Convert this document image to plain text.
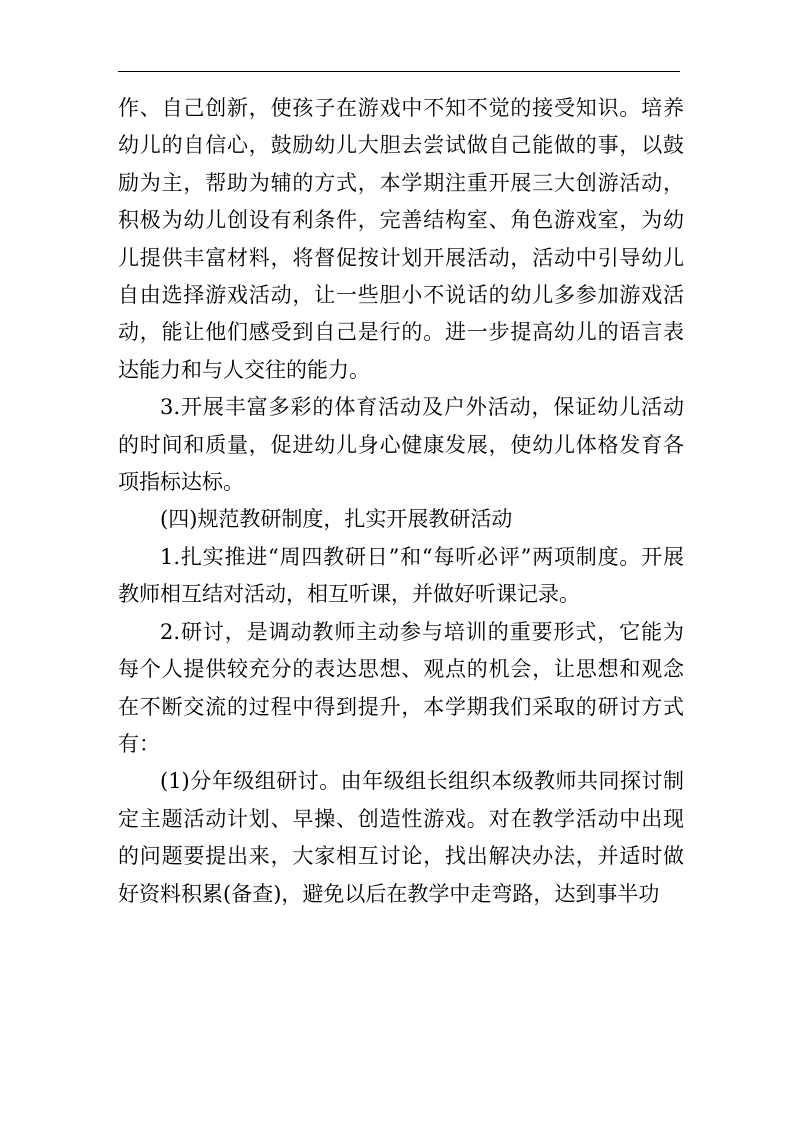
作、自己创新，使孩子在游戏中不知不觉的接受知识。培养幼儿的自信心，鼓励幼儿大胆去尝试做自己能做的事，以鼓励为主，帮助为辅的方式，本学期注重开展三大创游活动，积极为幼儿创设有利条件，完善结构室、角色游戏室，为幼儿提供丰富材料，将督促按计划开展活动，活动中引导幼儿自由选择游戏活动，让一些胆小不说话的幼儿多参加游戏活动，能让他们感受到自己是行的。进一步提高幼儿的语言表达能力和与人交往的能力。

3.开展丰富多彩的体育活动及户外活动，保证幼儿活动的时间和质量，促进幼儿身心健康发展，使幼儿体格发育各项指标达标。

(四)规范教研制度，扎实开展教研活动

1.扎实推进“周四教研日”和“每听必评”两项制度。开展教师相互结对活动，相互听课，并做好听课记录。

2.研讨，是调动教师主动参与培训的重要形式，它能为每个人提供较充分的表达思想、观点的机会，让思想和观念在不断交流的过程中得到提升，本学期我们采取的研讨方式有：

(1)分年级组研讨。由年级组长组织本级教师共同探讨制定主题活动计划、早操、创造性游戏。对在教学活动中出现的问题要提出来，大家相互讨论，找出解决办法，并适时做好资料积累(备查)，避免以后在教学中走弯路，达到事半功
